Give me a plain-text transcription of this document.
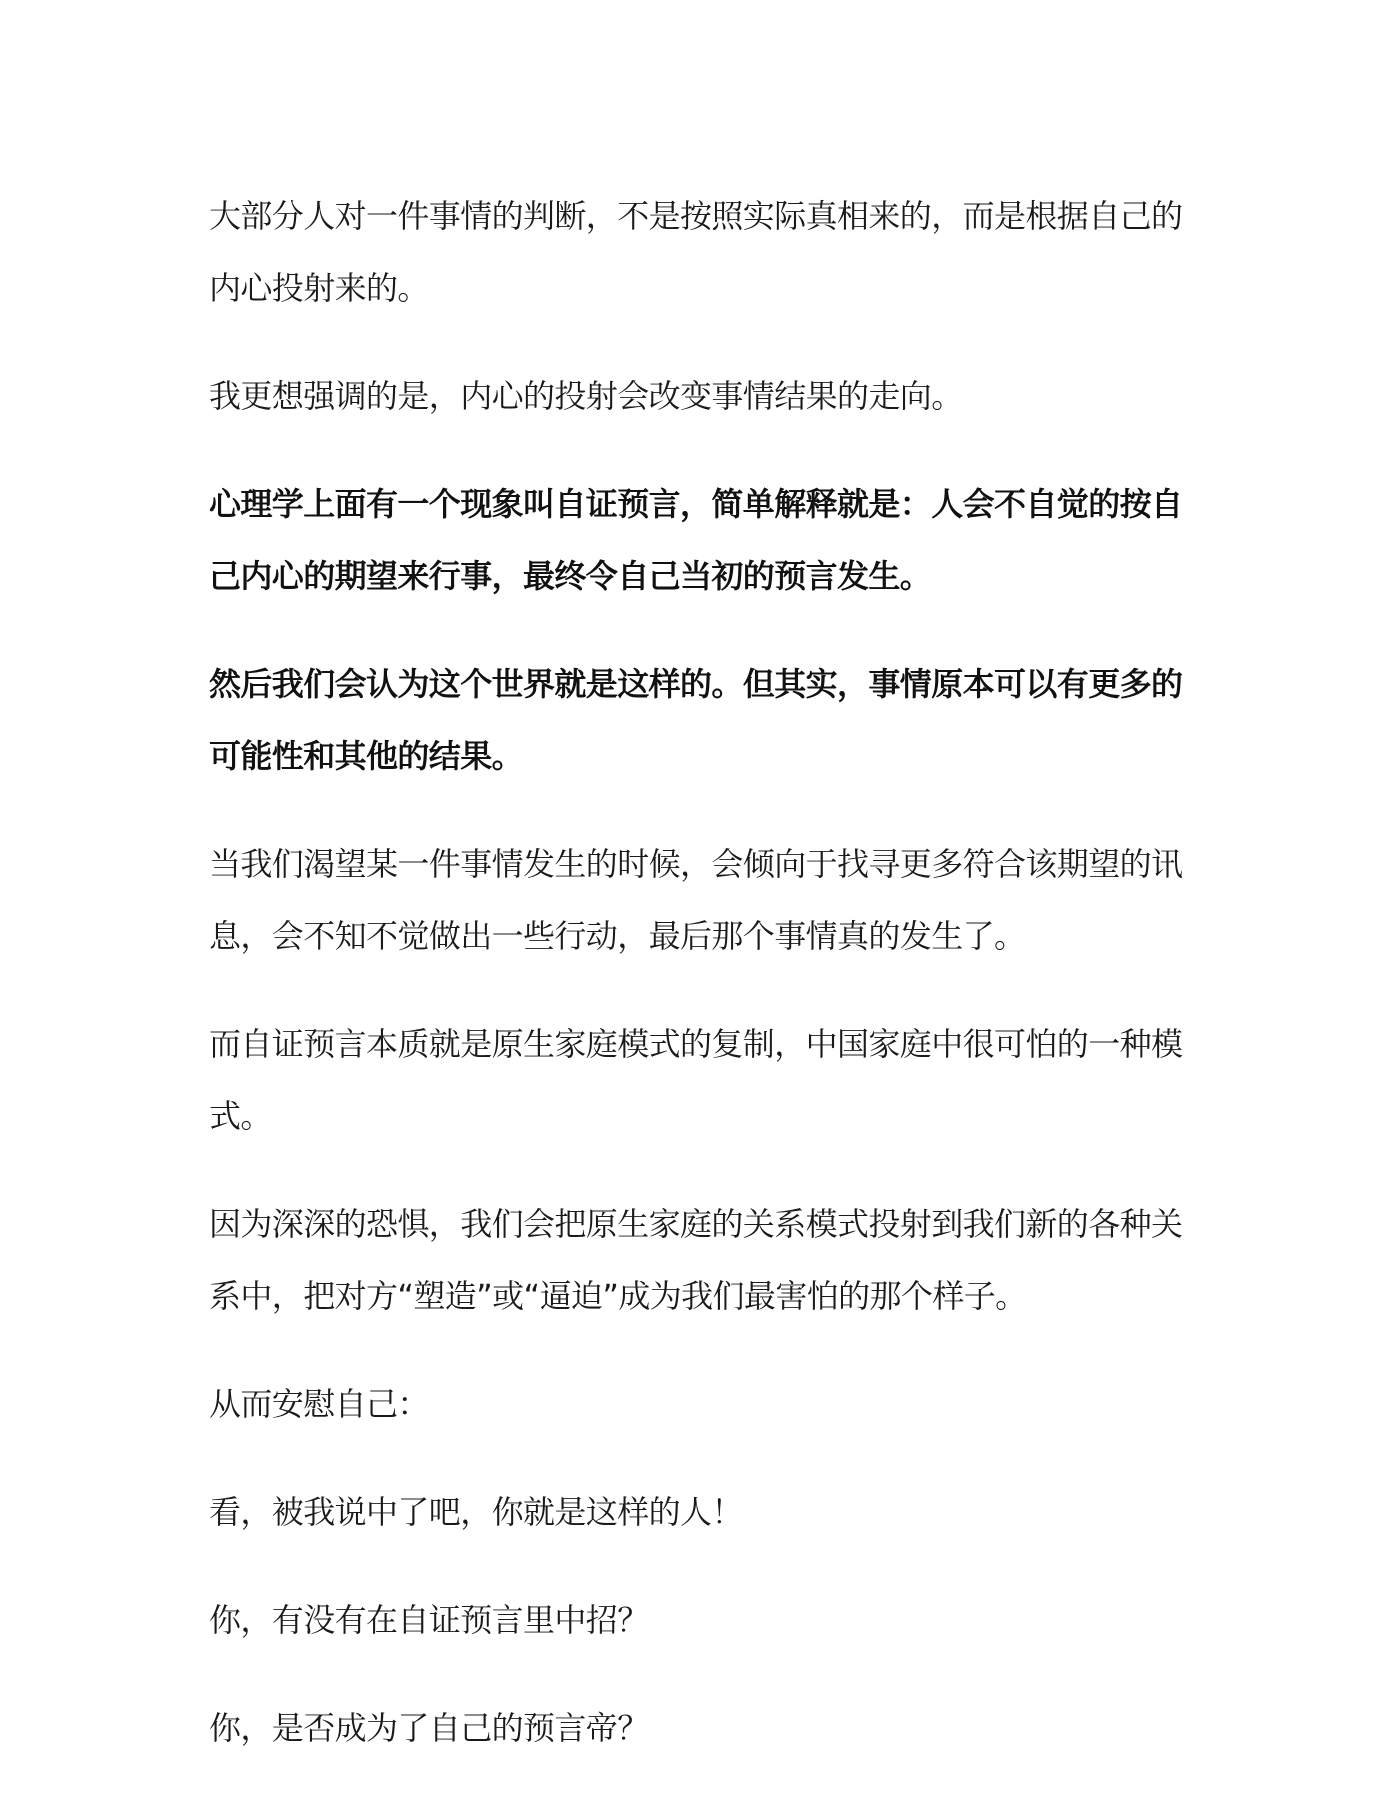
大部分人对一件事情的判断，不是按照实际真相来的，而是根据自己的内心投射来的。

我更想强调的是，内心的投射会改变事情结果的走向。

心理学上面有一个现象叫自证预言，简单解释就是：人会不自觉的按自己内心的期望来行事，最终令自己当初的预言发生。

然后我们会认为这个世界就是这样的。但其实，事情原本可以有更多的可能性和其他的结果。

当我们渴望某一件事情发生的时候，会倾向于找寻更多符合该期望的讯息，会不知不觉做出一些行动，最后那个事情真的发生了。

而自证预言本质就是原生家庭模式的复制，中国家庭中很可怕的一种模式。

因为深深的恐惧，我们会把原生家庭的关系模式投射到我们新的各种关系中，把对方“塑造”或“逼迫”成为我们最害怕的那个样子。

从而安慰自己：

看，被我说中了吧，你就是这样的人！

你，有没有在自证预言里中招？

你，是否成为了自己的预言帝？
